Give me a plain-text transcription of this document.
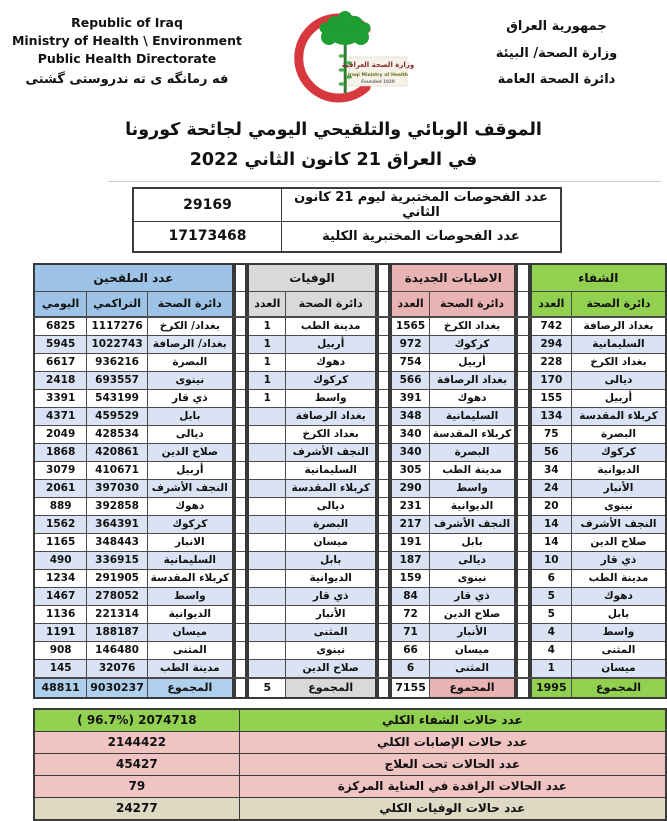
Republic of Iraq
Ministry of Health \ Environment
Public Health Directorate
فه رمانگه ی ته ندروستی گشتی
وزارة الصحة العراقية
Iraqi Ministry of Health
Founded 1920
جمهورية العراق
وزارة الصحة/ البيئة
دائرة الصحة العامة
الموقف الوبائي والتلقيحي اليومي لجائحة كورونا
في العراق 21 كانون الثاني 2022
29169	عدد الفحوصات المختبرية ليوم 21 كانون الثاني
17173468	عدد الفحوصات المختبرية الكلية
عدد الملقحين		
اليومي	التراكمي	دائرة الصحة
6825	1117276	بغداد/ الكرخ
5945	1022743	بغداد/ الرصافة
6617	936216	البصرة
2418	693557	نينوى
3391	543199	ذي قار
4371	459529	بابل
2049	428534	ديالى
1868	420861	صلاح الدين
3079	410671	أربيل
2061	397030	النجف الأشرف
889	392858	دهوك
1562	364391	كركوك
1165	348443	الانبار
490	336915	السليمانية
1234	291905	كربلاء المقدسة
1467	278052	واسط
1136	221314	الديوانية
1191	188187	ميسان
908	146480	المثنى
145	32076	مدينة الطب
48811	9030237	المجموع

الوفيات	
العدد	دائرة الصحة
1	مدينة الطب
1	أربيل
1	دهوك
1	كركوك
1	واسط
	بغداد الرصافة
	بغداد الكرخ
	النجف الأشرف
	السليمانية
	كربلاء المقدسة
	ديالى
	البصرة
	ميسان
	بابل
	الديوانية
	ذي قار
	الأنبار
	المثنى
	نينوى
	صلاح الدين
5	المجموع

الاصابات الجديدة	
العدد	دائرة الصحة
1565	بغداد الكرخ
972	كركوك
754	أربيل
566	بغداد الرصافة
391	دهوك
348	السليمانية
340	كربلاء المقدسة
340	البصرة
305	مدينة الطب
290	واسط
231	الديوانية
217	النجف الأشرف
191	بابل
187	ديالى
159	نينوى
84	ذي قار
72	صلاح الدين
71	الأنبار
66	ميسان
6	المثنى
7155	المجموع

الشفاء	
العدد	دائرة الصحة
742	بغداد الرصافة
294	السليمانية
228	بغداد الكرخ
170	ديالى
155	أربيل
134	كربلاء المقدسة
75	البصرة
56	كركوك
34	الديوانية
24	الأنبار
20	نينوى
14	النجف الأشرف
14	صلاح الدين
10	ذي قار
6	مدينة الطب
5	دهوك
5	بابل
4	واسط
4	المثنى
1	ميسان
1995	المجموع
( 96.7%) 2074718	عدد حالات الشفاء الكلي
2144422	عدد حالات الإصابات الكلي
45427	عدد الحالات تحت العلاج
79	عدد الحالات الراقدة في العناية المركزة
24277	عدد حالات الوفيات الكلي
